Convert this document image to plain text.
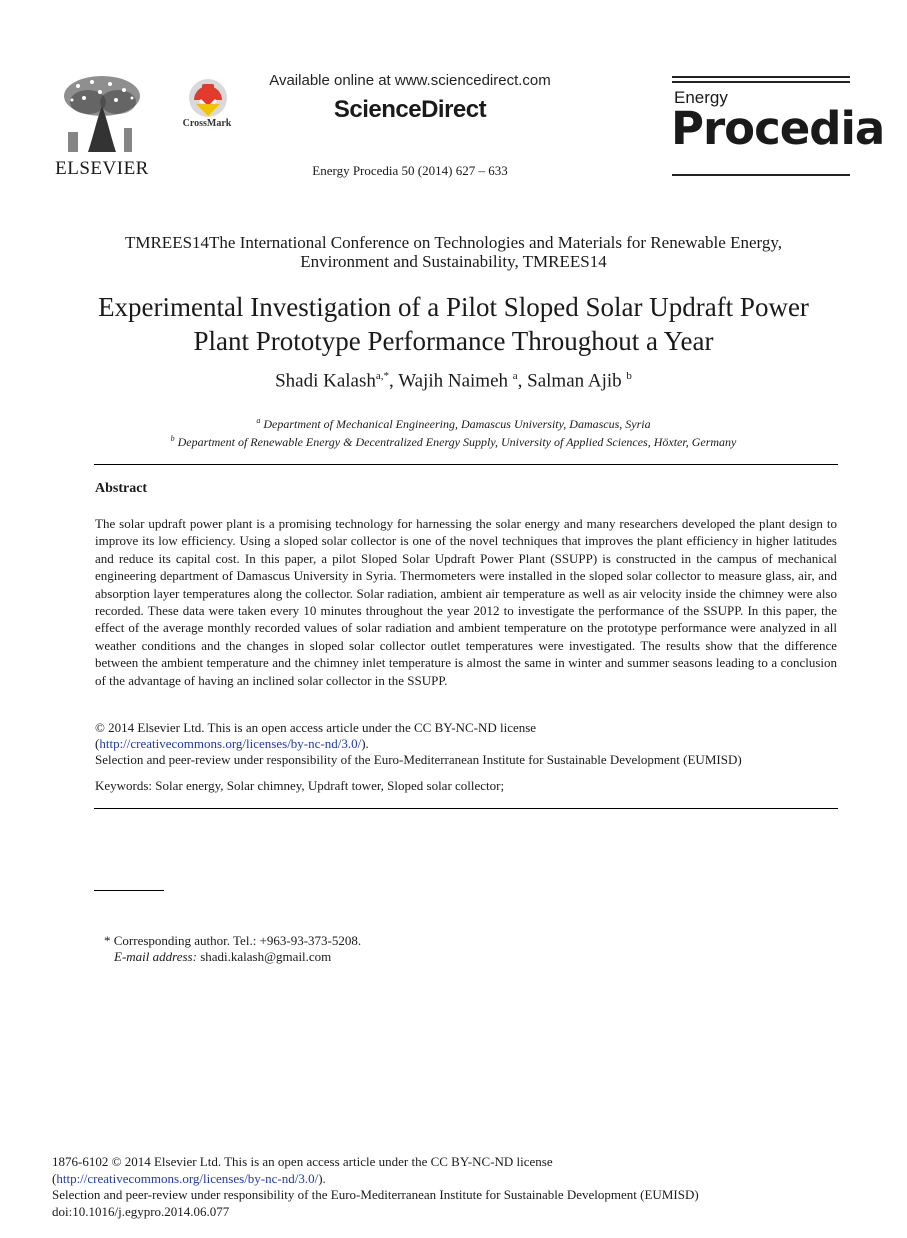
ELSEVIER
CrossMark
Available online at www.sciencedirect.com
ScienceDirect
Energy Procedia 50 (2014) 627 – 633
Energy
Procedia
TMREES14The International Conference on Technologies and Materials for Renewable Energy,
Environment and Sustainability, TMREES14
Experimental Investigation of a Pilot Sloped Solar Updraft Power
Plant Prototype Performance Throughout a Year
Shadi Kalash$^{a,*}$, Wajih Naimeh $^a$, Salman Ajib $^b$
$^a$ Department of Mechanical Engineering, Damascus University, Damascus, Syria
$^b$ Department of Renewable Energy & Decentralized Energy Supply, University of Applied Sciences, Höxter, Germany
Abstract
The solar updraft power plant is a promising technology for harnessing the solar energy and many researchers developed the plant design to improve its low efficiency. Using a sloped solar collector is one of the novel techniques that improves the plant efficiency in higher latitudes and reduce its capital cost. In this paper, a pilot Sloped Solar Updraft Power Plant (SSUPP) is constructed in the campus of mechanical engineering department of Damascus University in Syria. Thermometers were installed in the sloped solar collector to measure glass, air, and absorption layer temperatures along the collector. Solar radiation, ambient air temperature as well as air velocity inside the chimney were also recorded. These data were taken every 10 minutes throughout the year 2012 to investigate the performance of the SSUPP. In this paper, the effect of the average monthly recorded values of solar radiation and ambient temperature on the prototype performance were analyzed in all weather conditions and the changes in sloped solar collector outlet temperatures were investigated. The results show that the difference between the ambient temperature and the chimney inlet temperature is almost the same in winter and summer seasons leading to a conclusion of the advantage of having an inclined solar collector in the SSUPP.
© 2014 Elsevier Ltd. This is an open access article under the CC BY-NC-ND license
(http://creativecommons.org/licenses/by-nc-nd/3.0/).
Selection and peer-review under responsibility of the Euro-Mediterranean Institute for Sustainable Development (EUMISD)
Keywords: Solar energy, Solar chimney, Updraft tower, Sloped solar collector;
* Corresponding author. Tel.: +963-93-373-5208.
E-mail address: shadi.kalash@gmail.com
1876-6102 © 2014 Elsevier Ltd. This is an open access article under the CC BY-NC-ND license
(http://creativecommons.org/licenses/by-nc-nd/3.0/).
Selection and peer-review under responsibility of the Euro-Mediterranean Institute for Sustainable Development (EUMISD)
doi:10.1016/j.egypro.2014.06.077
